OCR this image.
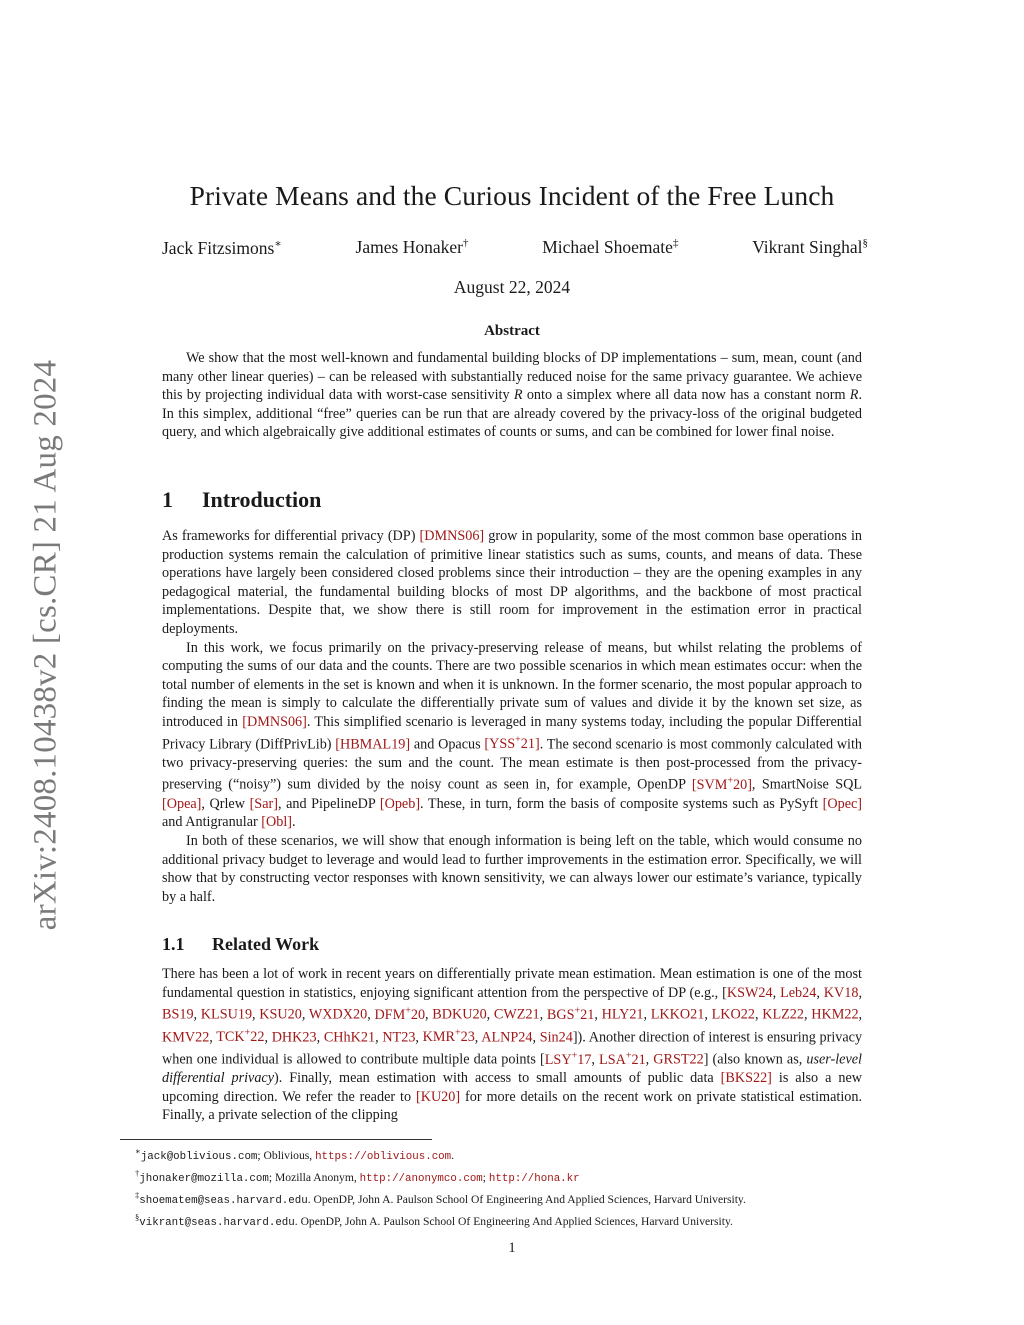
arXiv:2408.10438v2 [cs.CR] 21 Aug 2024
Private Means and the Curious Incident of the Free Lunch
Jack Fitzsimons∗	James Honaker†	Michael Shoemate‡	Vikrant Singhal§
August 22, 2024
Abstract

We show that the most well-known and fundamental building blocks of DP implementations – sum, mean, count (and many other linear queries) – can be released with substantially reduced noise for the same privacy guarantee. We achieve this by projecting individual data with worst-case sensitivity R onto a simplex where all data now has a constant norm R. In this simplex, additional “free” queries can be run that are already covered by the privacy-loss of the original budgeted query, and which algebraically give additional estimates of counts or sums, and can be combined for lower final noise.

1 Introduction

As frameworks for differential privacy (DP) [DMNS06] grow in popularity, some of the most common base operations in production systems remain the calculation of primitive linear statistics such as sums, counts, and means of data. These operations have largely been considered closed problems since their introduction – they are the opening examples in any pedagogical material, the fundamental building blocks of most DP algorithms, and the backbone of most practical implementations. Despite that, we show there is still room for improvement in the estimation error in practical deployments.

In this work, we focus primarily on the privacy-preserving release of means, but whilst relating the problems of computing the sums of our data and the counts. There are two possible scenarios in which mean estimates occur: when the total number of elements in the set is known and when it is unknown. In the former scenario, the most popular approach to finding the mean is simply to calculate the differentially private sum of values and divide it by the known set size, as introduced in [DMNS06]. This simplified scenario is leveraged in many systems today, including the popular Differential Privacy Library (DiffPrivLib) [HBMAL19] and Opacus [YSS+21]. The second scenario is most commonly calculated with two privacy-preserving queries: the sum and the count. The mean estimate is then post-processed from the privacy-preserving (“noisy”) sum divided by the noisy count as seen in, for example, OpenDP [SVM+20], SmartNoise SQL [Opea], Qrlew [Sar], and PipelineDP [Opeb]. These, in turn, form the basis of composite systems such as PySyft [Opec] and Antigranular [Obl].

In both of these scenarios, we will show that enough information is being left on the table, which would consume no additional privacy budget to leverage and would lead to further improvements in the estimation error. Specifically, we will show that by constructing vector responses with known sensitivity, we can always lower our estimate’s variance, typically by a half.

1.1 Related Work

There has been a lot of work in recent years on differentially private mean estimation. Mean estimation is one of the most fundamental question in statistics, enjoying significant attention from the perspective of DP (e.g., [KSW24, Leb24, KV18, BS19, KLSU19, KSU20, WXDX20, DFM+20, BDKU20, CWZ21, BGS+21, HLY21, LKKO21, LKO22, KLZ22, HKM22, KMV22, TCK+22, DHK23, CHhK21, NT23, KMR+23, ALNP24, Sin24]). Another direction of interest is ensuring privacy when one individual is allowed to contribute multiple data points [LSY+17, LSA+21, GRST22] (also known as, user-level differential privacy). Finally, mean estimation with access to small amounts of public data [BKS22] is also a new upcoming direction. We refer the reader to [KU20] for more details on the recent work on private statistical estimation. Finally, a private selection of the clipping

∗jack@oblivious.com; Oblivious, https://oblivious.com.
†jhonaker@mozilla.com; Mozilla Anonym, http://anonymco.com; http://hona.kr
‡shoematem@seas.harvard.edu. OpenDP, John A. Paulson School Of Engineering And Applied Sciences, Harvard University.
§vikrant@seas.harvard.edu. OpenDP, John A. Paulson School Of Engineering And Applied Sciences, Harvard University.
1
